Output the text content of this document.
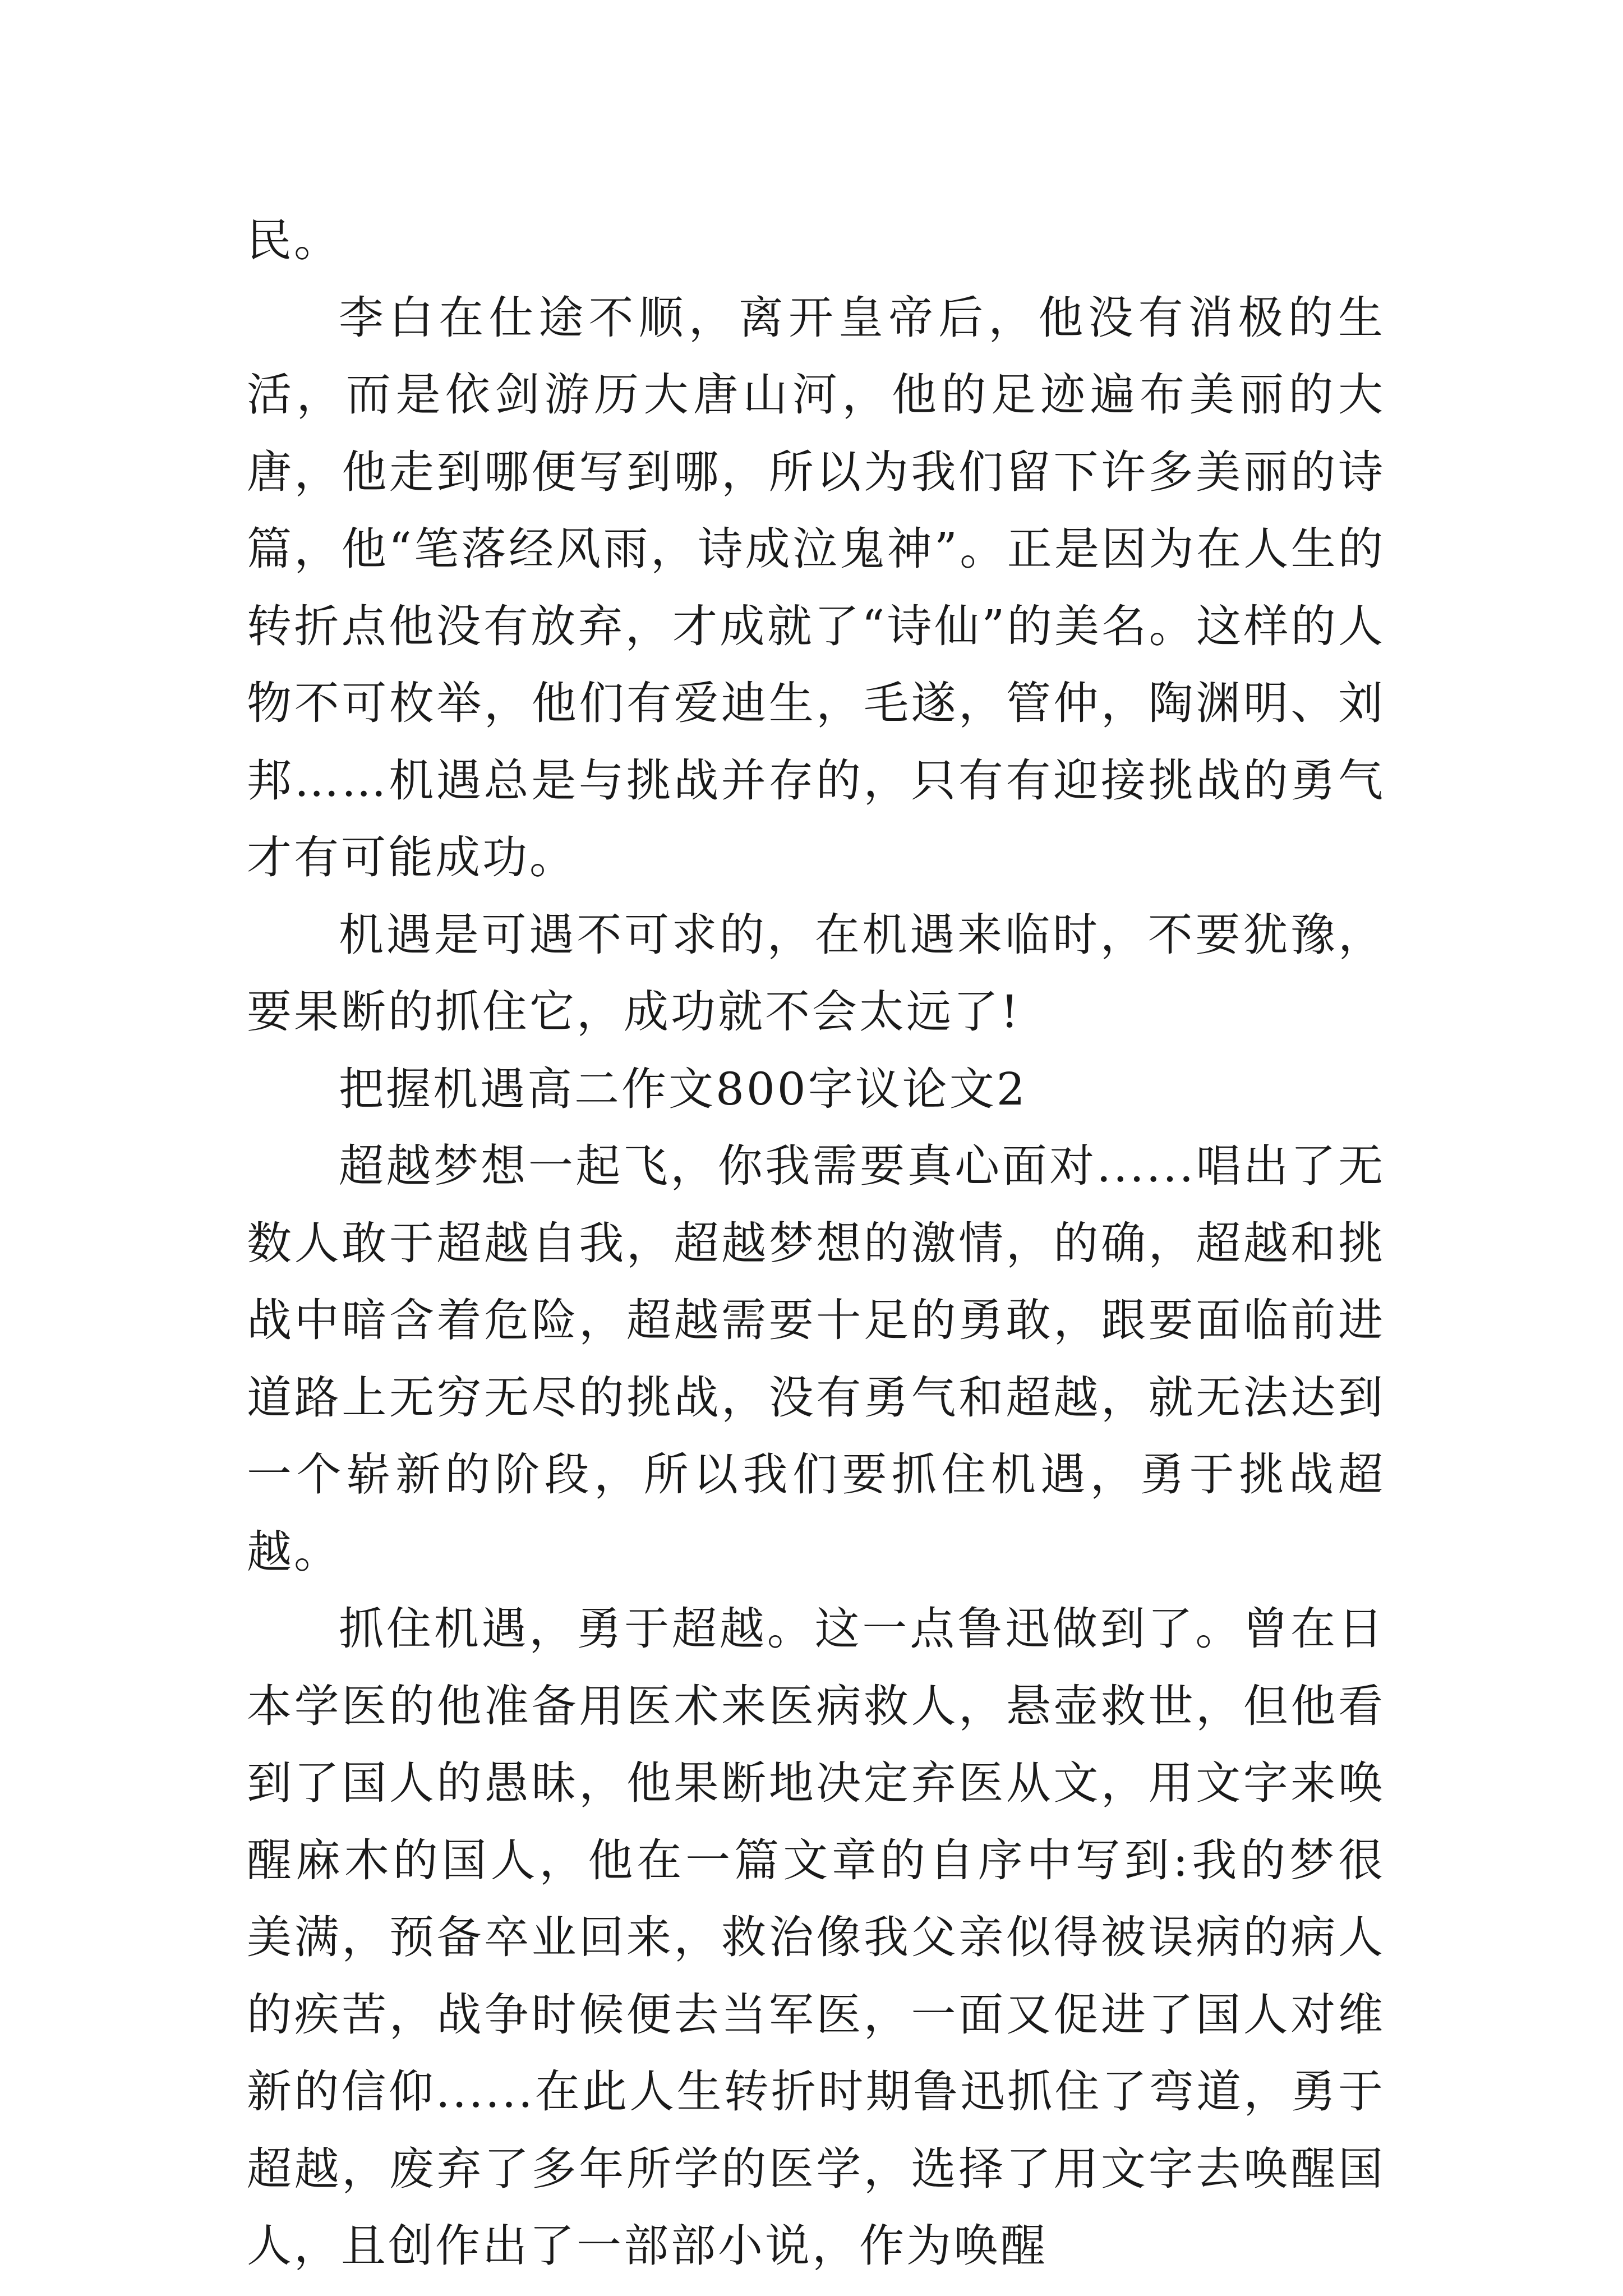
民。

李白在仕途不顺，离开皇帝后，他没有消极的生活，而是依剑游历大唐山河，他的足迹遍布美丽的大唐，他走到哪便写到哪，所以为我们留下许多美丽的诗篇，他“笔落经风雨，诗成泣鬼神”。正是因为在人生的转折点他没有放弃，才成就了“诗仙”的美名。这样的人物不可枚举，他们有爱迪生，毛遂，管仲，陶渊明、刘邦……机遇总是与挑战并存的，只有有迎接挑战的勇气才有可能成功。

机遇是可遇不可求的，在机遇来临时，不要犹豫，要果断的抓住它，成功就不会太远了!

把握机遇高二作文800字议论文2

超越梦想一起飞，你我需要真心面对......唱出了无数人敢于超越自我，超越梦想的激情，的确，超越和挑战中暗含着危险，超越需要十足的勇敢，跟要面临前进道路上无穷无尽的挑战，没有勇气和超越，就无法达到一个崭新的阶段，所以我们要抓住机遇，勇于挑战超越。

抓住机遇，勇于超越。这一点鲁迅做到了。曾在日本学医的他准备用医术来医病救人，悬壶救世，但他看到了国人的愚昧，他果断地决定弃医从文，用文字来唤醒麻木的国人，他在一篇文章的自序中写到:我的梦很美满，预备卒业回来，救治像我父亲似得被误病的病人的疾苦，战争时候便去当军医，一面又促进了国人对维新的信仰......在此人生转折时期鲁迅抓住了弯道，勇于超越，废弃了多年所学的医学，选择了用文字去唤醒国人，且创作出了一部部小说，作为唤醒
